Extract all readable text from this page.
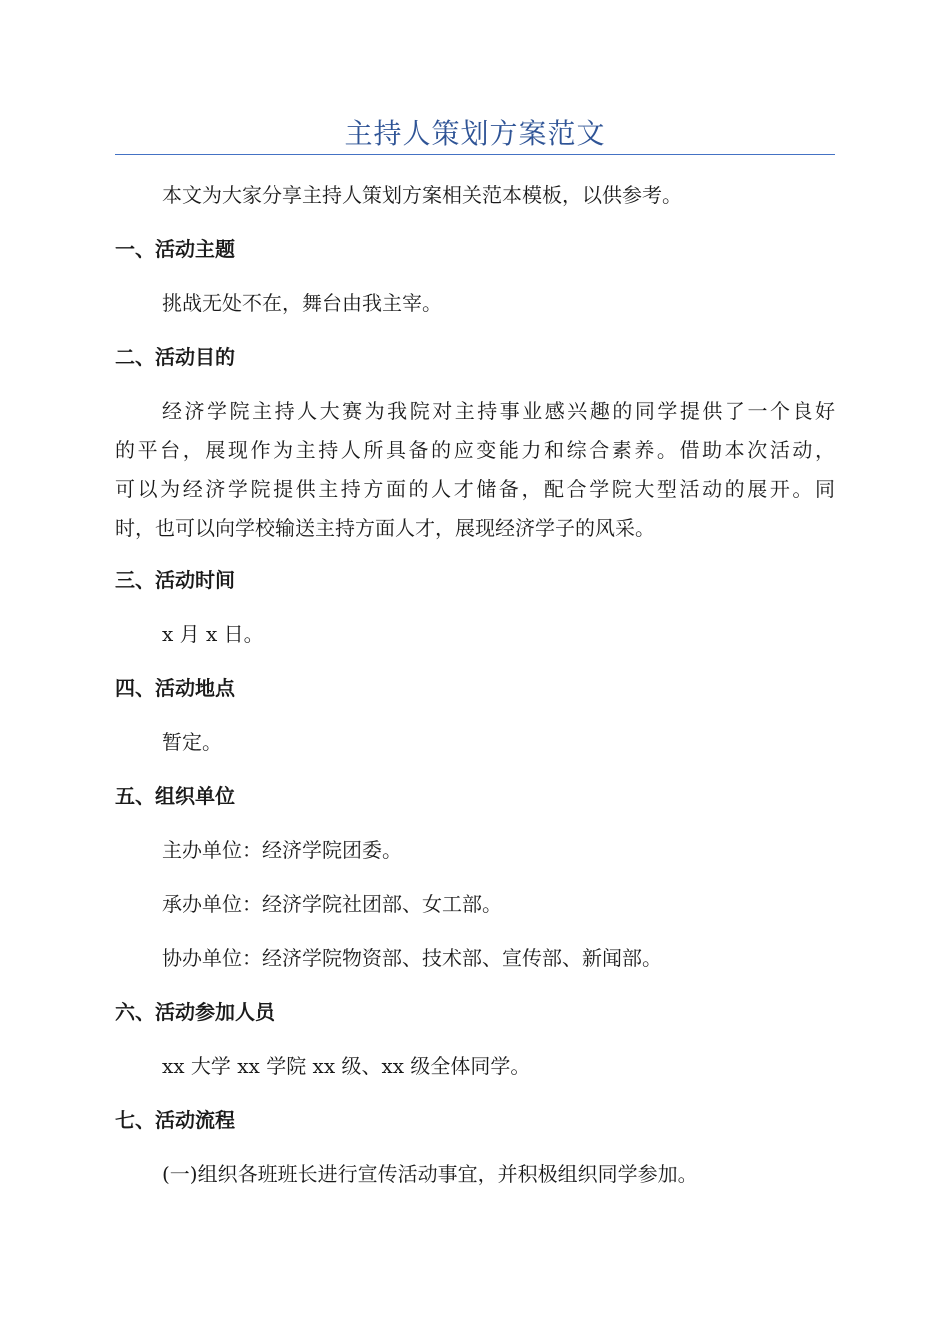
主持人策划方案范文
本文为大家分享主持人策划方案相关范本模板，以供参考。
一、活动主题
挑战无处不在，舞台由我主宰。
二、活动目的
经济学院主持人大赛为我院对主持事业感兴趣的同学提供了一个良好
的平台，展现作为主持人所具备的应变能力和综合素养。借助本次活动，
可以为经济学院提供主持方面的人才储备，配合学院大型活动的展开。同
时，也可以向学校输送主持方面人才，展现经济学子的风采。
三、活动时间
x 月 x 日。
四、活动地点
暂定。
五、组织单位
主办单位：经济学院团委。
承办单位：经济学院社团部、女工部。
协办单位：经济学院物资部、技术部、宣传部、新闻部。
六、活动参加人员
xx 大学 xx 学院 xx 级、xx 级全体同学。
七、活动流程
(一)组织各班班长进行宣传活动事宜，并积极组织同学参加。
